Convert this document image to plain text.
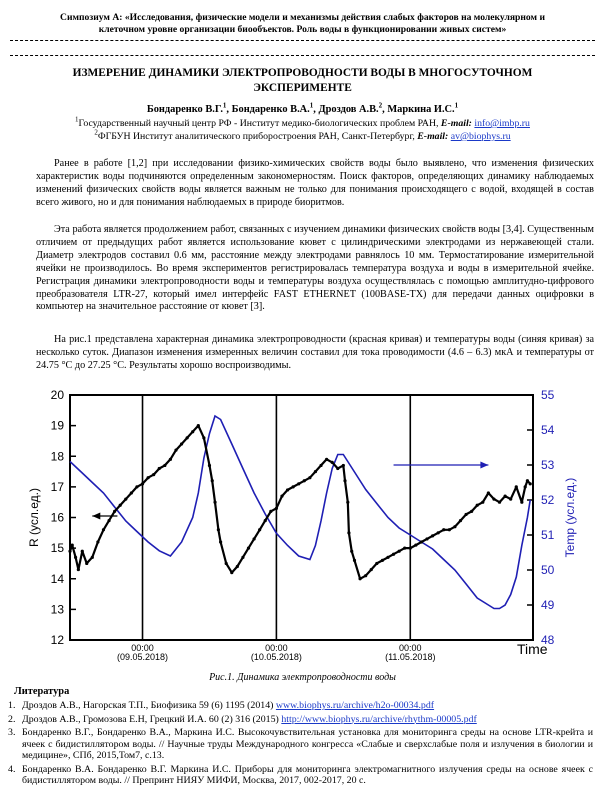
Симпозиум А: «Исследования, физические модели и механизмы действия слабых факторов на молекулярном и
клеточном уровне организации биообъектов. Роль воды в функционировании живых систем»
ИЗМЕРЕНИЕ ДИНАМИКИ ЭЛЕКТРОПРОВОДНОСТИ ВОДЫ В МНОГОСУТОЧНОМ
ЭКСПЕРИМЕНТЕ
Бондаренко В.Г.$^1$, Бондаренко В.А.$^1$, Дроздов А.В.$^2$, Маркина И.С.$^1$
$^1$Государственный научный центр РФ - Институт медико-биологических проблем РАН, E-mail: info@imbp.ru
$^2$ФГБУН Институт аналитического приборостроения РАН, Санкт-Петербург, E-mail: av@biophys.ru

Ранее в работе [1,2] при исследовании физико-химических свойств воды было выявлено, что изменения физических характеристик воды подчиняются определенным закономерностям. Поиск факторов, определяющих динамику наблюдаемых изменений физических свойств воды является важным не только для понимания происходящего с водой, входящей в состав всего живого, но и для понимания наблюдаемых в природе биоритмов.

Эта работа является продолжением работ, связанных с изучением динамики физических свойств воды [3,4]. Существенным отличием от предыдущих работ является использование кювет с цилиндрическими электродами из нержавеющей стали. Диаметр электродов составил 0.6 мм, расстояние между электродами равнялось 10 мм. Термостатирование измерительной ячейки не производилось. Во время экспериментов регистрировалась температура воздуха и воды в измерительной ячейке. Регистрация динамики электропроводности воды и температуры воздуха осуществлялась с помощью амплитудно-цифрового преобразователя LTR-27, который имел интерфейс FAST ETHERNET (100BASE-TX) для передачи данных оцифровки в компьютер на значительное расстояние от кювет [3].

На рис.1 представлена характерная динамика электропроводности (красная кривая) и температуры воды (синяя кривая) за несколько суток. Диапазон изменения измеренных величин составил для тока проводимости (4.6 – 6.3) мкА и температуры от 24.75 °С до 27.25 °С. Результаты хорошо воспроизводимы.

12
13
14
15
16
17
18
19
20
48
49
50
51
52
53
54
55
00:00
(09.05.2018)
00:00
(10.05.2018)
00:00
(11.05.2018)	Time
R (усл.ед.)	Temp (усл.ед.)
Рис.1. Динамика электропроводности воды
Литература
1. Дроздов А.В., Нагорская Т.П., Биофизика 59 (6) 1195 (2014) www.biophys.ru/archive/h2o-00034.pdf
2. Дроздов А.В., Громозова Е.Н, Грецкий И.А. 60 (2) 316 (2015) http://www.biophys.ru/archive/rhythm-00005.pdf
3. Бондаренко В.Г., Бондаренко В.А., Маркина И.С. Высокочувствительная установка для мониторинга среды на основе LTR-крейта и ячеек с бидистиллятором воды. // Научные труды Международного конгресса «Слабые и сверхслабые поля и излучения в биологии и медицине», СПб, 2015,Том7, с.13.
4. Бондаренко В.А. Бондаренко В.Г. Маркина И.С. Приборы для мониторинга электромагнитного излучения среды на основе ячеек с бидистиллятором воды. // Препринт НИЯУ МИФИ, Москва, 2017, 002-2017, 20 с.
